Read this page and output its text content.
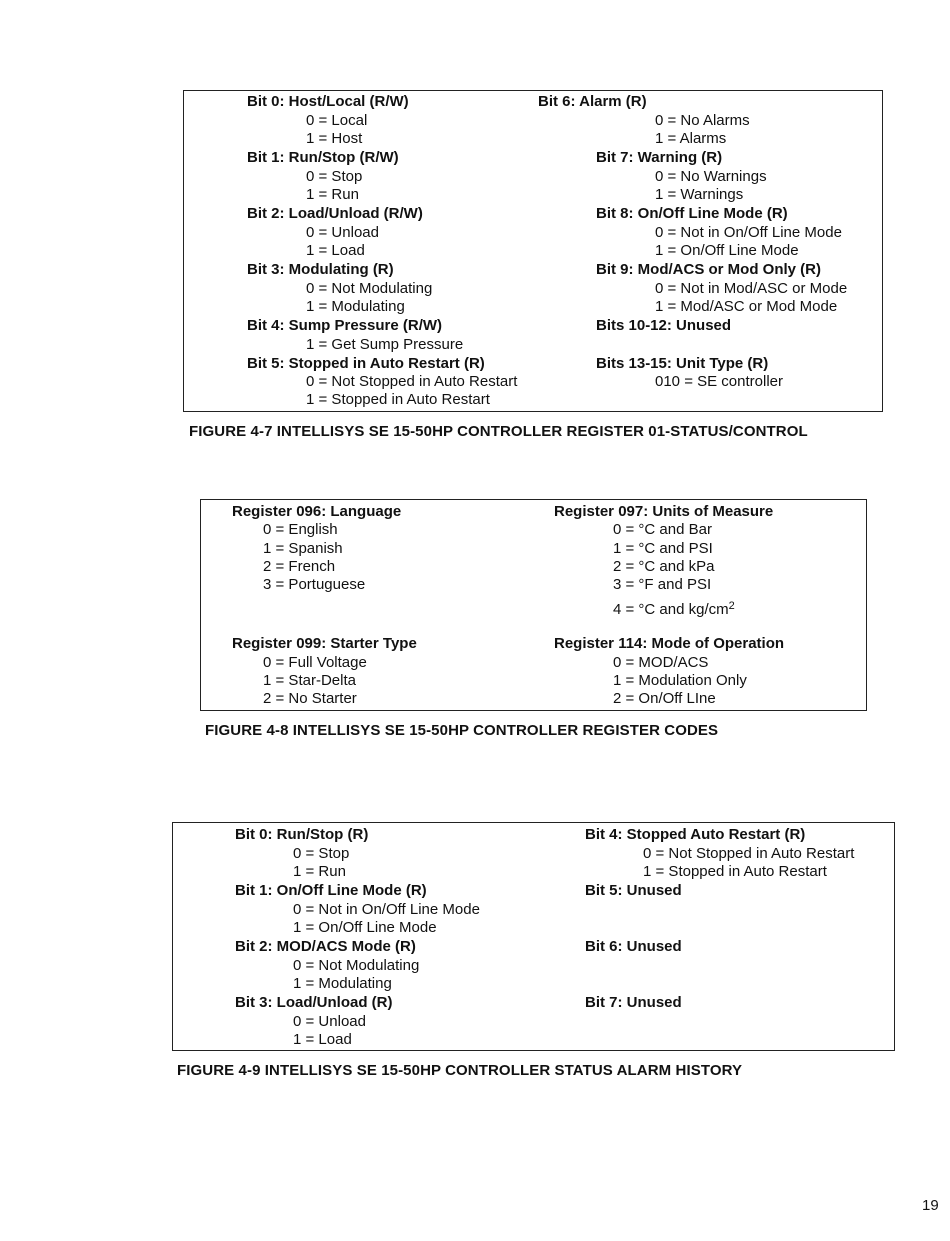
Bit 0: Host/Local (R/W)
0 = Local
1 = Host
Bit 1: Run/Stop (R/W)
0 = Stop
1 = Run
Bit 2: Load/Unload (R/W)
0 = Unload
1 = Load
Bit 3: Modulating (R)
0 = Not Modulating
1 = Modulating
Bit 4: Sump Pressure (R/W)
1 = Get Sump Pressure
Bit 5: Stopped in Auto Restart (R)
0 = Not Stopped in Auto Restart
1 = Stopped in Auto Restart
Bit 6: Alarm (R)
0 = No Alarms
1 = Alarms
Bit 7: Warning (R)
0 = No Warnings
1 = Warnings
Bit 8: On/Off Line Mode (R)
0 = Not in On/Off Line Mode
1 = On/Off Line Mode
Bit 9: Mod/ACS or Mod Only (R)
0 = Not in Mod/ASC or Mode
1 = Mod/ASC or Mod Mode
Bits 10-12: Unused
Bits 13-15: Unit Type (R)
010 = SE controller
FIGURE 4-7 INTELLISYS SE 15-50HP CONTROLLER REGISTER 01-STATUS/CONTROL
Register 096: Language
0 = English
1 = Spanish
2 = French
3 = Portuguese
Register 097: Units of Measure
0 = °C and Bar
1 = °C and PSI
2 = °C and kPa
3 = °F and PSI
4 = °C and $kg/cm^2$
Register 099: Starter Type
0 = Full Voltage
1 = Star-Delta
2 = No Starter
Register 114: Mode of Operation
0 = MOD/ACS
1 = Modulation Only
2 = On/Off LIne
FIGURE 4-8 INTELLISYS SE 15-50HP CONTROLLER REGISTER CODES
Bit 0: Run/Stop (R)
0 = Stop
1 = Run
Bit 1: On/Off Line Mode (R)
0 = Not in On/Off Line Mode
1 = On/Off Line Mode
Bit 2: MOD/ACS Mode (R)
0 = Not Modulating
1 = Modulating
Bit 3: Load/Unload (R)
0 = Unload
1 = Load
Bit 4: Stopped Auto Restart (R)
0 = Not Stopped in Auto Restart
1 = Stopped in Auto Restart
Bit 5: Unused
Bit 6: Unused
Bit 7: Unused
FIGURE 4-9 INTELLISYS SE 15-50HP CONTROLLER STATUS ALARM HISTORY
19
